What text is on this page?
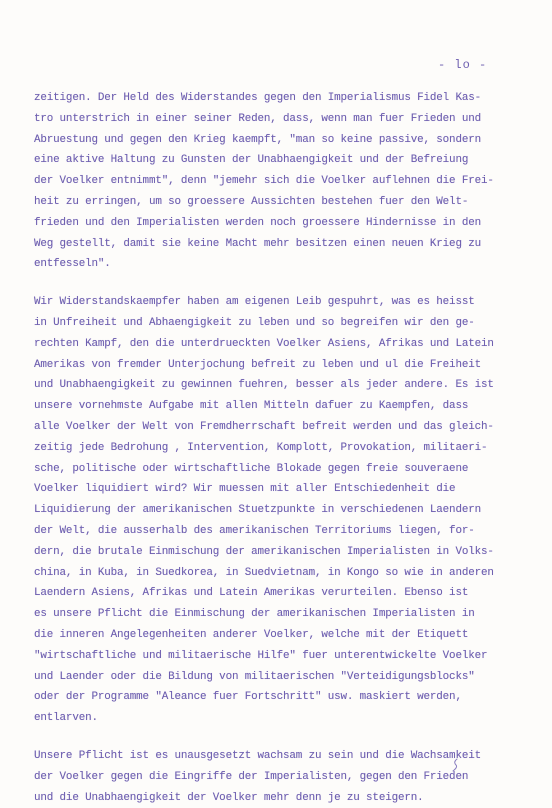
- lo -
zeitigen. Der Held des Widerstandes gegen den Imperialismus Fidel Kas-
tro unterstrich in einer seiner Reden, dass, wenn man fuer Frieden und
Abruestung und gegen den Krieg kaempft, "man so keine passive, sondern
eine aktive Haltung zu Gunsten der Unabhaengigkeit und der Befreiung
der Voelker entnimmt", denn "jemehr sich die Voelker auflehnen die Frei-
heit zu erringen, um so groessere Aussichten bestehen fuer den Welt-
frieden und den Imperialisten werden noch groessere Hindernisse in den
Weg gestellt, damit sie keine Macht mehr besitzen einen neuen Krieg zu
entfesseln".
Wir Widerstandskaempfer haben am eigenen Leib gespuhrt, was es heisst
in Unfreiheit und Abhaengigkeit zu leben und so begreifen wir den ge-
rechten Kampf, den die unterdrueckten Voelker Asiens, Afrikas und Latein
Amerikas von fremder Unterjochung befreit zu leben und ul die Freiheit
und Unabhaengigkeit zu gewinnen fuehren, besser als jeder andere. Es ist
unsere vornehmste Aufgabe mit allen Mitteln dafuer zu Kaempfen, dass
alle Voelker der Welt von Fremdherrschaft befreit werden und das gleich-
zeitig jede Bedrohung , Intervention, Komplott, Provokation, militaeri-
sche, politische oder wirtschaftliche Blokade gegen freie souveraene
Voelker liquidiert wird? Wir muessen mit aller Entschiedenheit die
Liquidierung der amerikanischen Stuetzpunkte in verschiedenen Laendern
der Welt, die ausserhalb des amerikanischen Territoriums liegen, for-
dern, die brutale Einmischung der amerikanischen Imperialisten in Volks-
china, in Kuba, in Suedkorea, in Suedvietnam, in Kongo so wie in anderen
Laendern Asiens, Afrikas und Latein Amerikas verurteilen. Ebenso ist
es unsere Pflicht die Einmischung der amerikanischen Imperialisten in
die inneren Angelegenheiten anderer Voelker, welche mit der Etiquett
"wirtschaftliche und militaerische Hilfe" fuer unterentwickelte Voelker
und Laender oder die Bildung von militaerischen "Verteidigungsblocks"
oder der Programme "Aleance fuer Fortschritt" usw. maskiert werden,
entlarven.
Unsere Pflicht ist es unausgesetzt wachsam zu sein und die Wachsamkeit
der Voelker gegen die Eingriffe der Imperialisten, gegen den Frieden
und die Unabhaengigkeit der Voelker mehr denn je zu steigern.
